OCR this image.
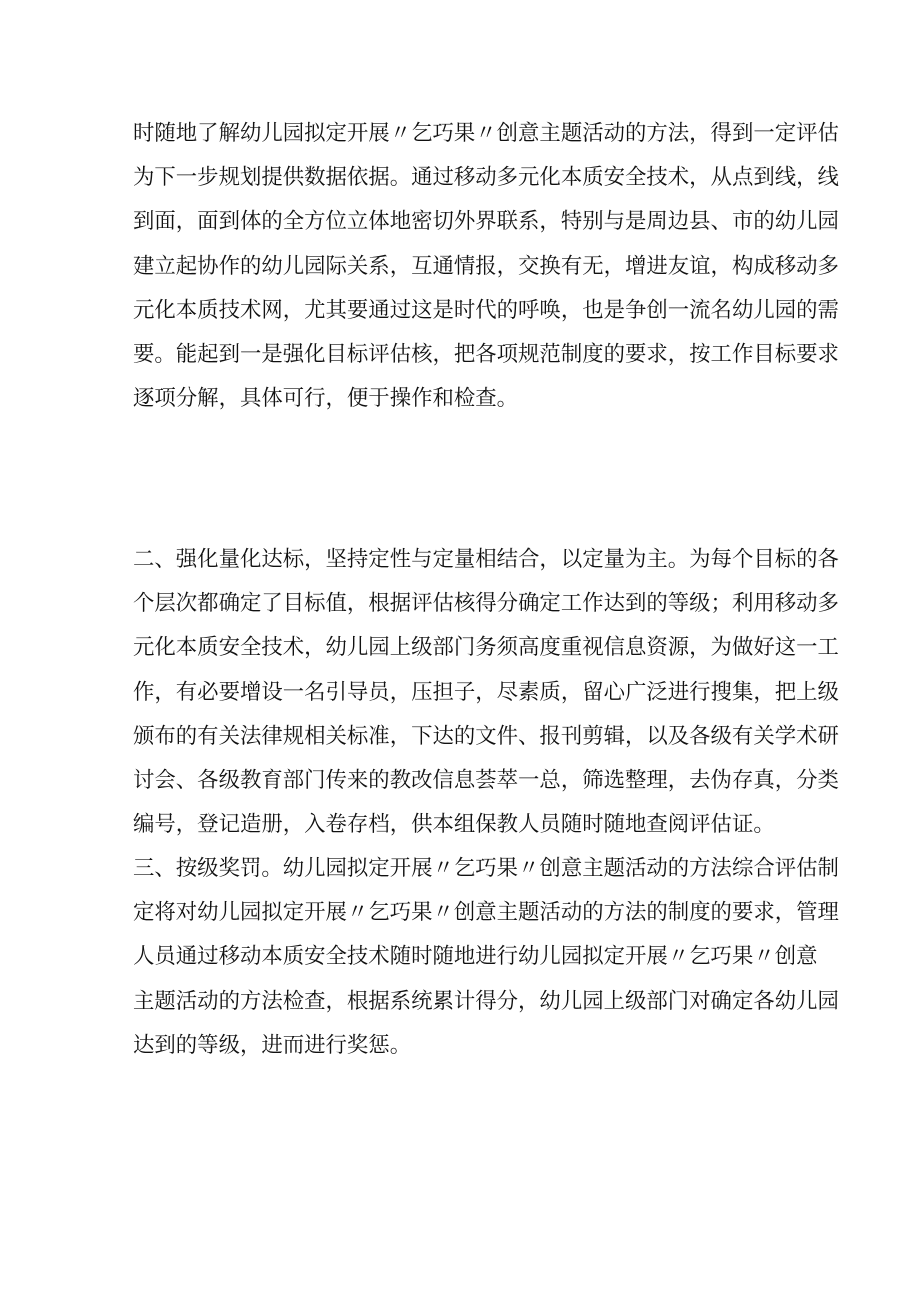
时随地了解幼儿园拟定开展〃乞巧果〃创意主题活动的方法，得到一定评估
为下一步规划提供数据依据。通过移动多元化本质安全技术，从点到线，线
到面，面到体的全方位立体地密切外界联系，特别与是周边县、市的幼儿园
建立起协作的幼儿园际关系，互通情报，交换有无，增进友谊，构成移动多
元化本质技术网，尤其要通过这是时代的呼唤，也是争创一流名幼儿园的需
要。能起到一是强化目标评估核，把各项规范制度的要求，按工作目标要求
逐项分解，具体可行，便于操作和检查。
二、强化量化达标，坚持定性与定量相结合，以定量为主。为每个目标的各
个层次都确定了目标值，根据评估核得分确定工作达到的等级；利用移动多
元化本质安全技术，幼儿园上级部门务须高度重视信息资源，为做好这一工
作，有必要增设一名引导员，压担子，尽素质，留心广泛进行搜集，把上级
颁布的有关法律规相关标准，下达的文件、报刊剪辑，以及各级有关学术研
讨会、各级教育部门传来的教改信息荟萃一总，筛选整理，去伪存真，分类
编号，登记造册，入卷存档，供本组保教人员随时随地查阅评估证。
三、按级奖罚。幼儿园拟定开展〃乞巧果〃创意主题活动的方法综合评估制
定将对幼儿园拟定开展〃乞巧果〃创意主题活动的方法的制度的要求，管理
人员通过移动本质安全技术随时随地进行幼儿园拟定开展〃乞巧果〃创意
主题活动的方法检查，根据系统累计得分，幼儿园上级部门对确定各幼儿园
达到的等级，进而进行奖惩。
